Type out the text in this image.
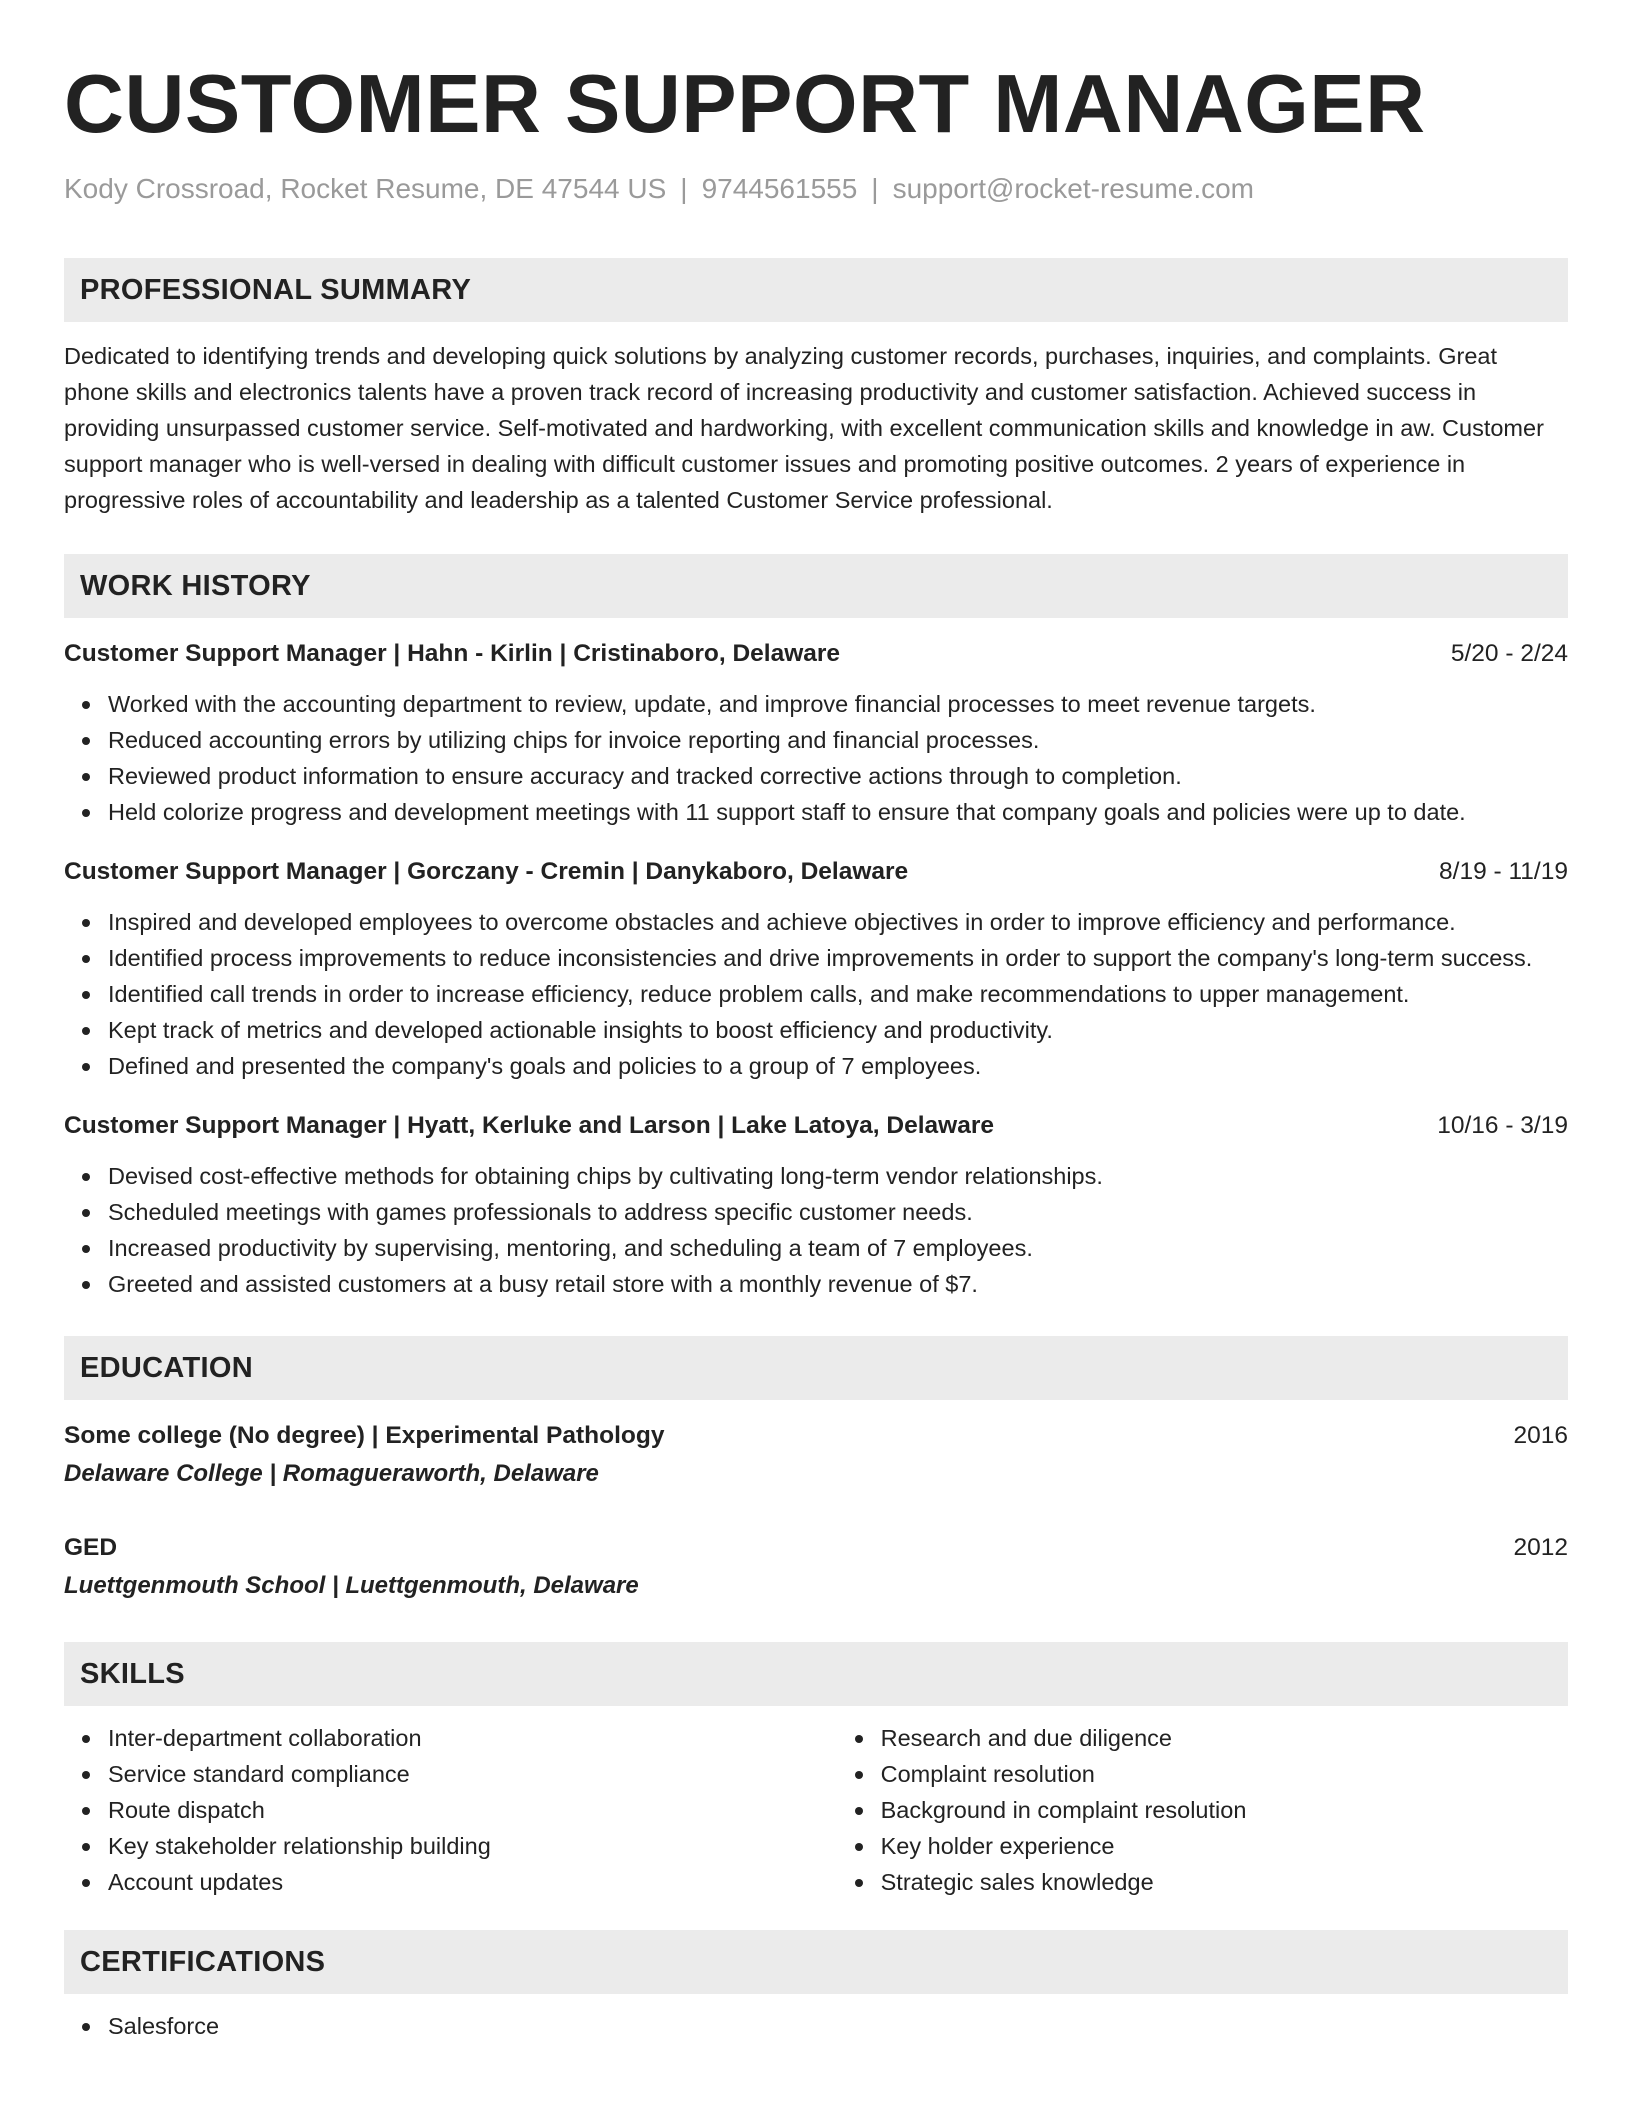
CUSTOMER SUPPORT MANAGER
Kody Crossroad, Rocket Resume, DE 47544 US | 9744561555 | support@rocket-resume.com
PROFESSIONAL SUMMARY
Dedicated to identifying trends and developing quick solutions by analyzing customer records, purchases, inquiries, and complaints. Great phone skills and electronics talents have a proven track record of increasing productivity and customer satisfaction. Achieved success in providing unsurpassed customer service. Self-motivated and hardworking, with excellent communication skills and knowledge in aw. Customer support manager who is well-versed in dealing with difficult customer issues and promoting positive outcomes. 2 years of experience in progressive roles of accountability and leadership as a talented Customer Service professional.
WORK HISTORY
Customer Support Manager | Hahn - Kirlin | Cristinaboro, Delaware	5/20 - 2/24
Worked with the accounting department to review, update, and improve financial processes to meet revenue targets.
Reduced accounting errors by utilizing chips for invoice reporting and financial processes.
Reviewed product information to ensure accuracy and tracked corrective actions through to completion.
Held colorize progress and development meetings with 11 support staff to ensure that company goals and policies were up to date.
Customer Support Manager | Gorczany - Cremin | Danykaboro, Delaware	8/19 - 11/19
Inspired and developed employees to overcome obstacles and achieve objectives in order to improve efficiency and performance.
Identified process improvements to reduce inconsistencies and drive improvements in order to support the company's long-term success.
Identified call trends in order to increase efficiency, reduce problem calls, and make recommendations to upper management.
Kept track of metrics and developed actionable insights to boost efficiency and productivity.
Defined and presented the company's goals and policies to a group of 7 employees.
Customer Support Manager | Hyatt, Kerluke and Larson | Lake Latoya, Delaware	10/16 - 3/19
Devised cost-effective methods for obtaining chips by cultivating long-term vendor relationships.
Scheduled meetings with games professionals to address specific customer needs.
Increased productivity by supervising, mentoring, and scheduling a team of 7 employees.
Greeted and assisted customers at a busy retail store with a monthly revenue of $7.
EDUCATION
Some college (No degree) | Experimental Pathology	2016
Delaware College | Romagueraworth, Delaware
GED	2012
Luettgenmouth School | Luettgenmouth, Delaware
SKILLS
Inter-department collaboration
Service standard compliance
Route dispatch
Key stakeholder relationship building
Account updates
Research and due diligence
Complaint resolution
Background in complaint resolution
Key holder experience
Strategic sales knowledge
CERTIFICATIONS
Salesforce
